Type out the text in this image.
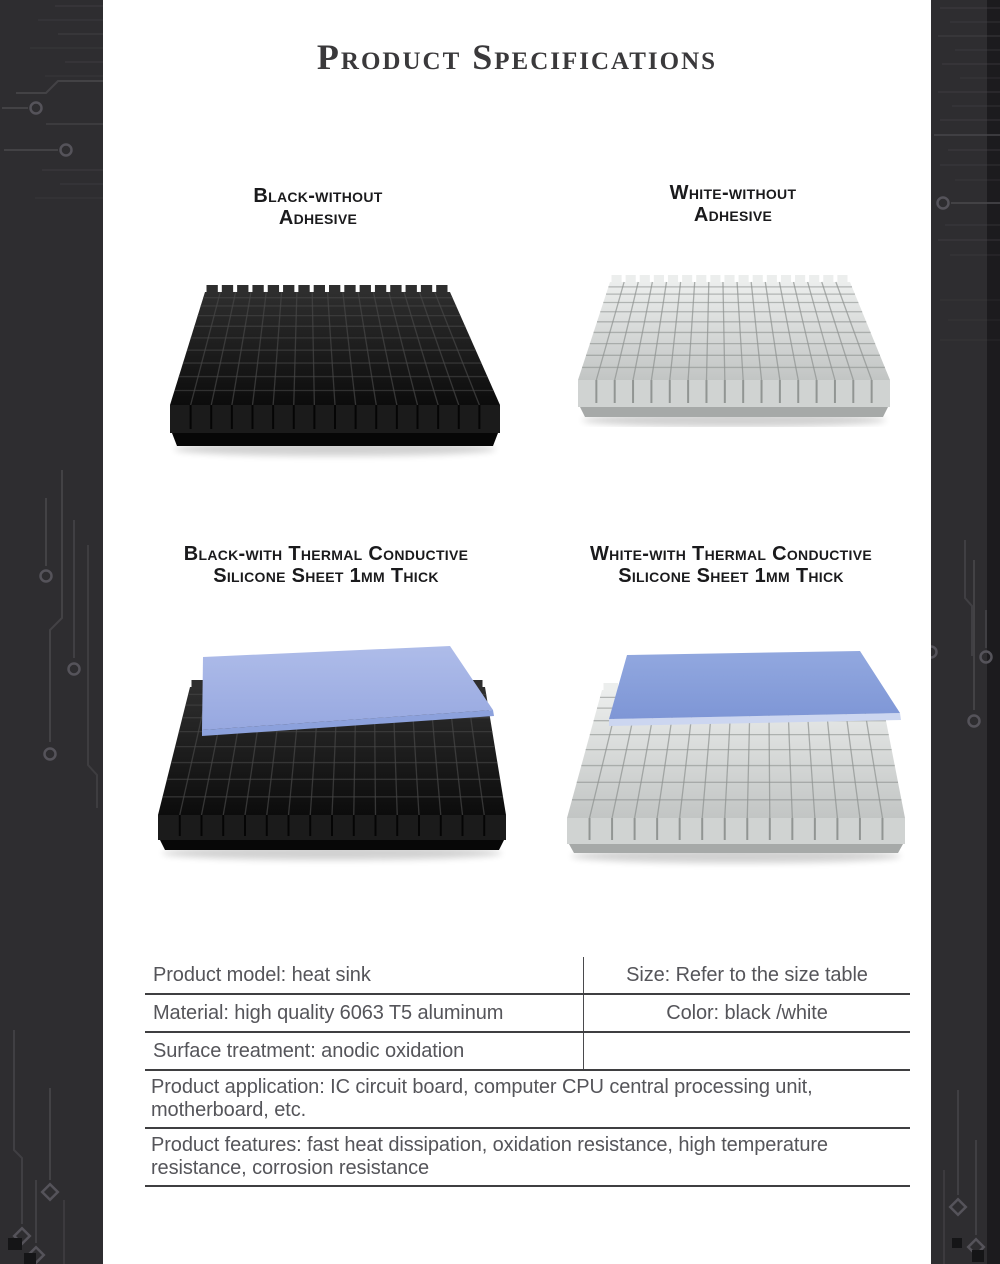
Product Specifications
Black-without
Adhesive
White-without
Adhesive
Black-with Thermal Conductive
Silicone Sheet 1mm Thick
White-with Thermal Conductive
Silicone Sheet 1mm Thick
Product model: heat sink	Size: Refer to the size table
Material: high quality 6063 T5 aluminum	Color: black /white
Surface treatment: anodic oxidation
Product application: IC circuit board, computer CPU central processing unit, motherboard, etc.
Product features: fast heat dissipation, oxidation resistance, high temperature resistance, corrosion resistance
